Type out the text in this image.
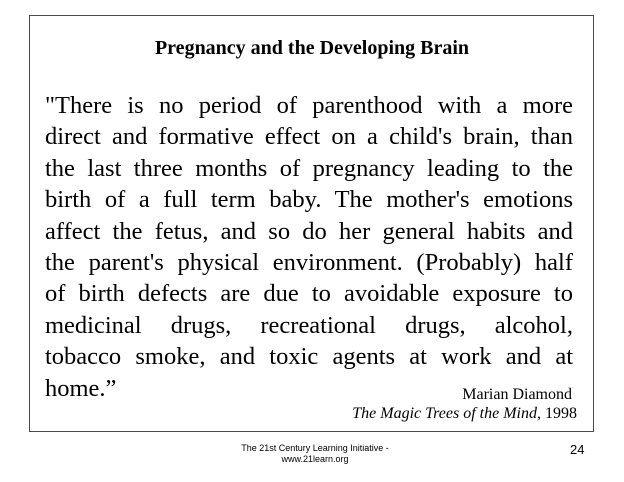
Pregnancy and the Developing Brain
"There is no period of parenthood with a more
direct and formative effect on a child's brain, than
the last three months of pregnancy leading to the
birth of a full term baby. The mother's emotions
affect the fetus, and so do her general habits and
the parent's physical environment. (Probably) half
of birth defects are due to avoidable exposure to
medicinal drugs, recreational drugs, alcohol,
tobacco smoke, and toxic agents at work and at
home.”	Marian Diamond
The Magic Trees of the Mind, 1998
The 21st Century Learning Initiative -
www.21learn.org
24
